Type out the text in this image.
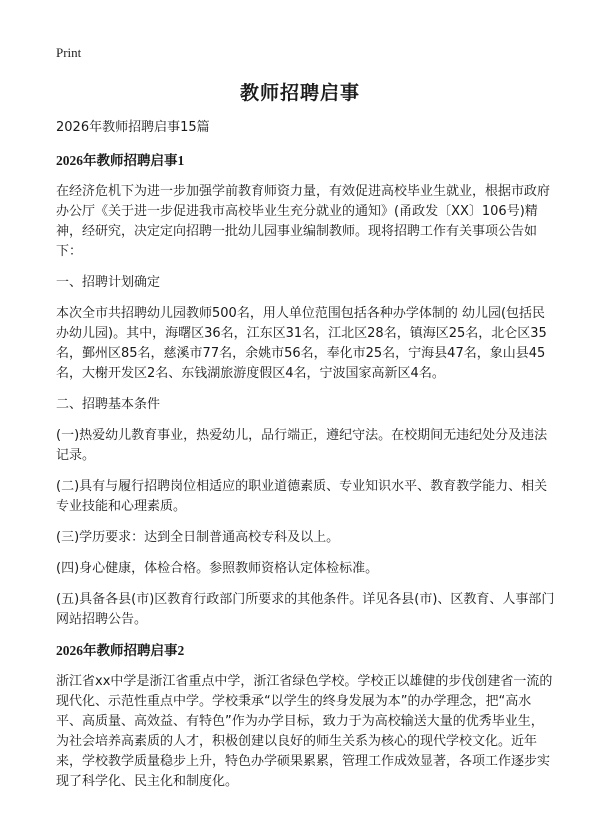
Print
教师招聘启事

2026年教师招聘启事15篇

2026年教师招聘启事1

在经济危机下为进一步加强学前教育师资力量，有效促进高校毕业生就业，根据市政府办公厅《关于进一步促进我市高校毕业生充分就业的通知》(甬政发〔XX〕106号)精神，经研究，决定定向招聘一批幼儿园事业编制教师。现将招聘工作有关事项公告如下：

一、招聘计划确定

本次全市共招聘幼儿园教师500名，用人单位范围包括各种办学体制的 幼儿园(包括民办幼儿园)。其中，海曙区36名，江东区31名，江北区28名，镇海区25名，北仑区35名，鄞州区85名，慈溪市77名，余姚市56名，奉化市25名，宁海县47名，象山县45名，大榭开发区2名、东钱湖旅游度假区4名，宁波国家高新区4名。

二、招聘基本条件

(一)热爱幼儿教育事业，热爱幼儿，品行端正，遵纪守法。在校期间无违纪处分及违法记录。

(二)具有与履行招聘岗位相适应的职业道德素质、专业知识水平、教育教学能力、相关专业技能和心理素质。

(三)学历要求：达到全日制普通高校专科及以上。

(四)身心健康，体检合格。参照教师资格认定体检标准。

(五)具备各县(市)区教育行政部门所要求的其他条件。详见各县(市)、区教育、人事部门网站招聘公告。

2026年教师招聘启事2

浙江省xx中学是浙江省重点中学，浙江省绿色学校。学校正以雄健的步伐创建省一流的现代化、示范性重点中学。学校秉承“以学生的终身发展为本”的办学理念，把“高水平、高质量、高效益、有特色”作为办学目标，致力于为高校输送大量的优秀毕业生，为社会培养高素质的人才，积极创建以良好的师生关系为核心的现代学校文化。近年来，学校教学质量稳步上升，特色办学硕果累累，管理工作成效显著，各项工作逐步实现了科学化、民主化和制度化。
